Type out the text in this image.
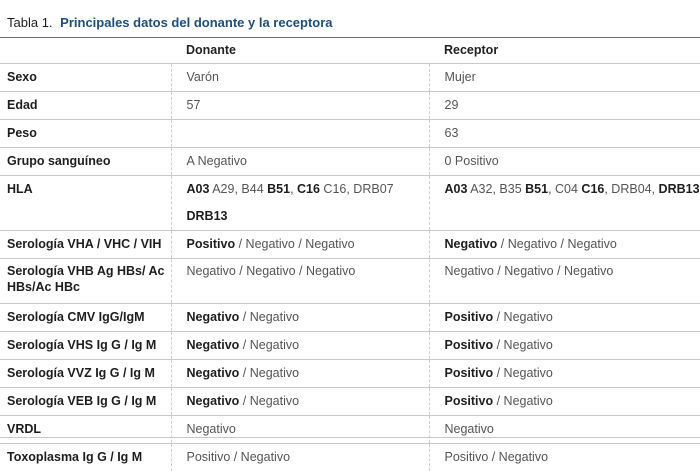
Tabla 1. Principales datos del donante y la receptora
	Donante	Receptor
Sexo	Varón	Mujer
Edad	57	29
Peso		63
Grupo sanguíneo	A Negativo	0 Positivo
HLA	A03 A29, B44 B51, C16 C16, DRB07 DRB13	A03 A32, B35 B51, C04 C16, DRB04, DRB13
Serología VHA / VHC / VIH	Positivo / Negativo / Negativo	Negativo / Negativo / Negativo
Serología VHB Ag HBs/ Ac HBs/Ac HBc	Negativo / Negativo / Negativo	Negativo / Negativo / Negativo
Serología CMV IgG/IgM	Negativo / Negativo	Positivo / Negativo
Serología VHS Ig G / Ig M	Negativo / Negativo	Positivo / Negativo
Serología VVZ Ig G / Ig M	Negativo / Negativo	Positivo / Negativo
Serología VEB Ig G / Ig M	Negativo / Negativo	Positivo / Negativo
VRDL	Negativo	Negativo
Toxoplasma Ig G / Ig M	Positivo / Negativo	Positivo / Negativo
